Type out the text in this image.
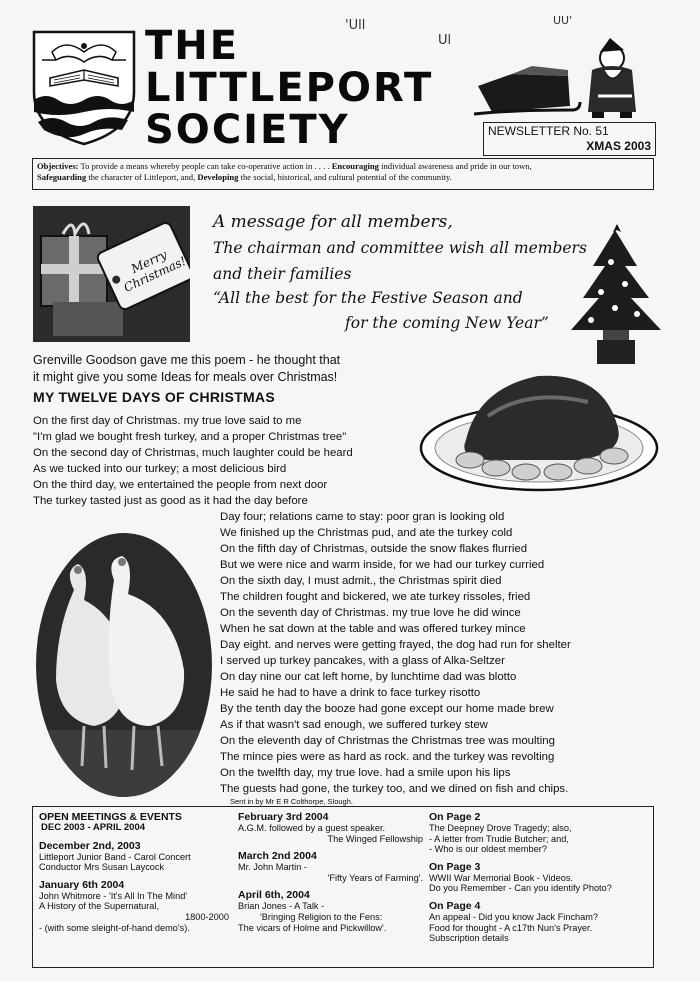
THE
LITTLEPORT
SOCIETY
'Ull
Ul
UU'
NEWSLETTER No. 51
XMAS 2003
Objectives: To provide a means whereby people can take co-operative action in . . . . Encouraging individual awareness and pride in our town,
Safeguarding the character of Littleport, and, Developing the social, historical, and cultural potential of the community.
Merry Christmas!
A message for all members,
The chairman and committee wish all members
and their families
“All the best for the Festive Season and
for the coming New Year”
Grenville Goodson gave me this poem - he thought that
it might give you some Ideas for meals over Christmas!
MY TWELVE DAYS OF CHRISTMAS
On the first day of Christmas. my true love said to me
"I'm glad we bought fresh turkey, and a proper Christmas tree"
On the second day of Christmas, much laughter could be heard
As we tucked into our turkey; a most delicious bird
On the third day, we entertained the people from next door
The turkey tasted just as good as it had the day before
Day four; relations came to stay: poor gran is looking old
We finished up the Christmas pud, and ate the turkey cold
On the fifth day of Christmas, outside the snow flakes flurried
But we were nice and warm inside, for we had our turkey curried
On the sixth day, I must admit., the Christmas spirit died
The children fought and bickered, we ate turkey rissoles, fried
On the seventh day of Christmas. my true love he did wince
When he sat down at the table and was offered turkey mince
Day eight. and nerves were getting frayed, the dog had run for shelter
I served up turkey pancakes, with a glass of Alka-Seltzer
On day nine our cat left home, by lunchtime dad was blotto
He said he had to have a drink to face turkey risotto
By the tenth day the booze had gone except our home made brew
As if that wasn't sad enough, we suffered turkey stew
On the eleventh day of Christmas the Christmas tree was moulting
The mince pies were as hard as rock. and the turkey was revolting
On the twelfth day, my true love. had a smile upon his lips
The guests had gone, the turkey too, and we dined on fish and chips.
Sent in by Mr E R Colthorpe, Slough.
OPEN MEETINGS & EVENTS
DEC 2003 - APRIL 2004
December 2nd, 2003
Littleport Junior Band - Carol Concert
Conductor Mrs Susan Laycock
January 6th 2004
John Whitmore - 'It's All In The Mind'
A History of the Supernatural,
1800-2000
- (with some sleight-of-hand demo's).
February 3rd 2004
A.G.M. followed by a guest speaker.
The Winged Fellowship
March 2nd 2004
Mr. John Martin -
'Fifty Years of Farming'.
April 6th, 2004
Brian Jones - A Talk -
'Bringing Religion to the Fens:
The vicars of Holme and Pickwillow'.
On Page 2
The Deepney Drove Tragedy; also,
- A letter from Trudie Butcher; and,
- Who is our oldest member?
On Page 3
WWII War Memorial Book - Videos.
Do you Remember - Can you identify Photo?
On Page 4
An appeal - Did you know Jack Fincham?
Food for thought - A c17th Nun's Prayer.
Subscription details
